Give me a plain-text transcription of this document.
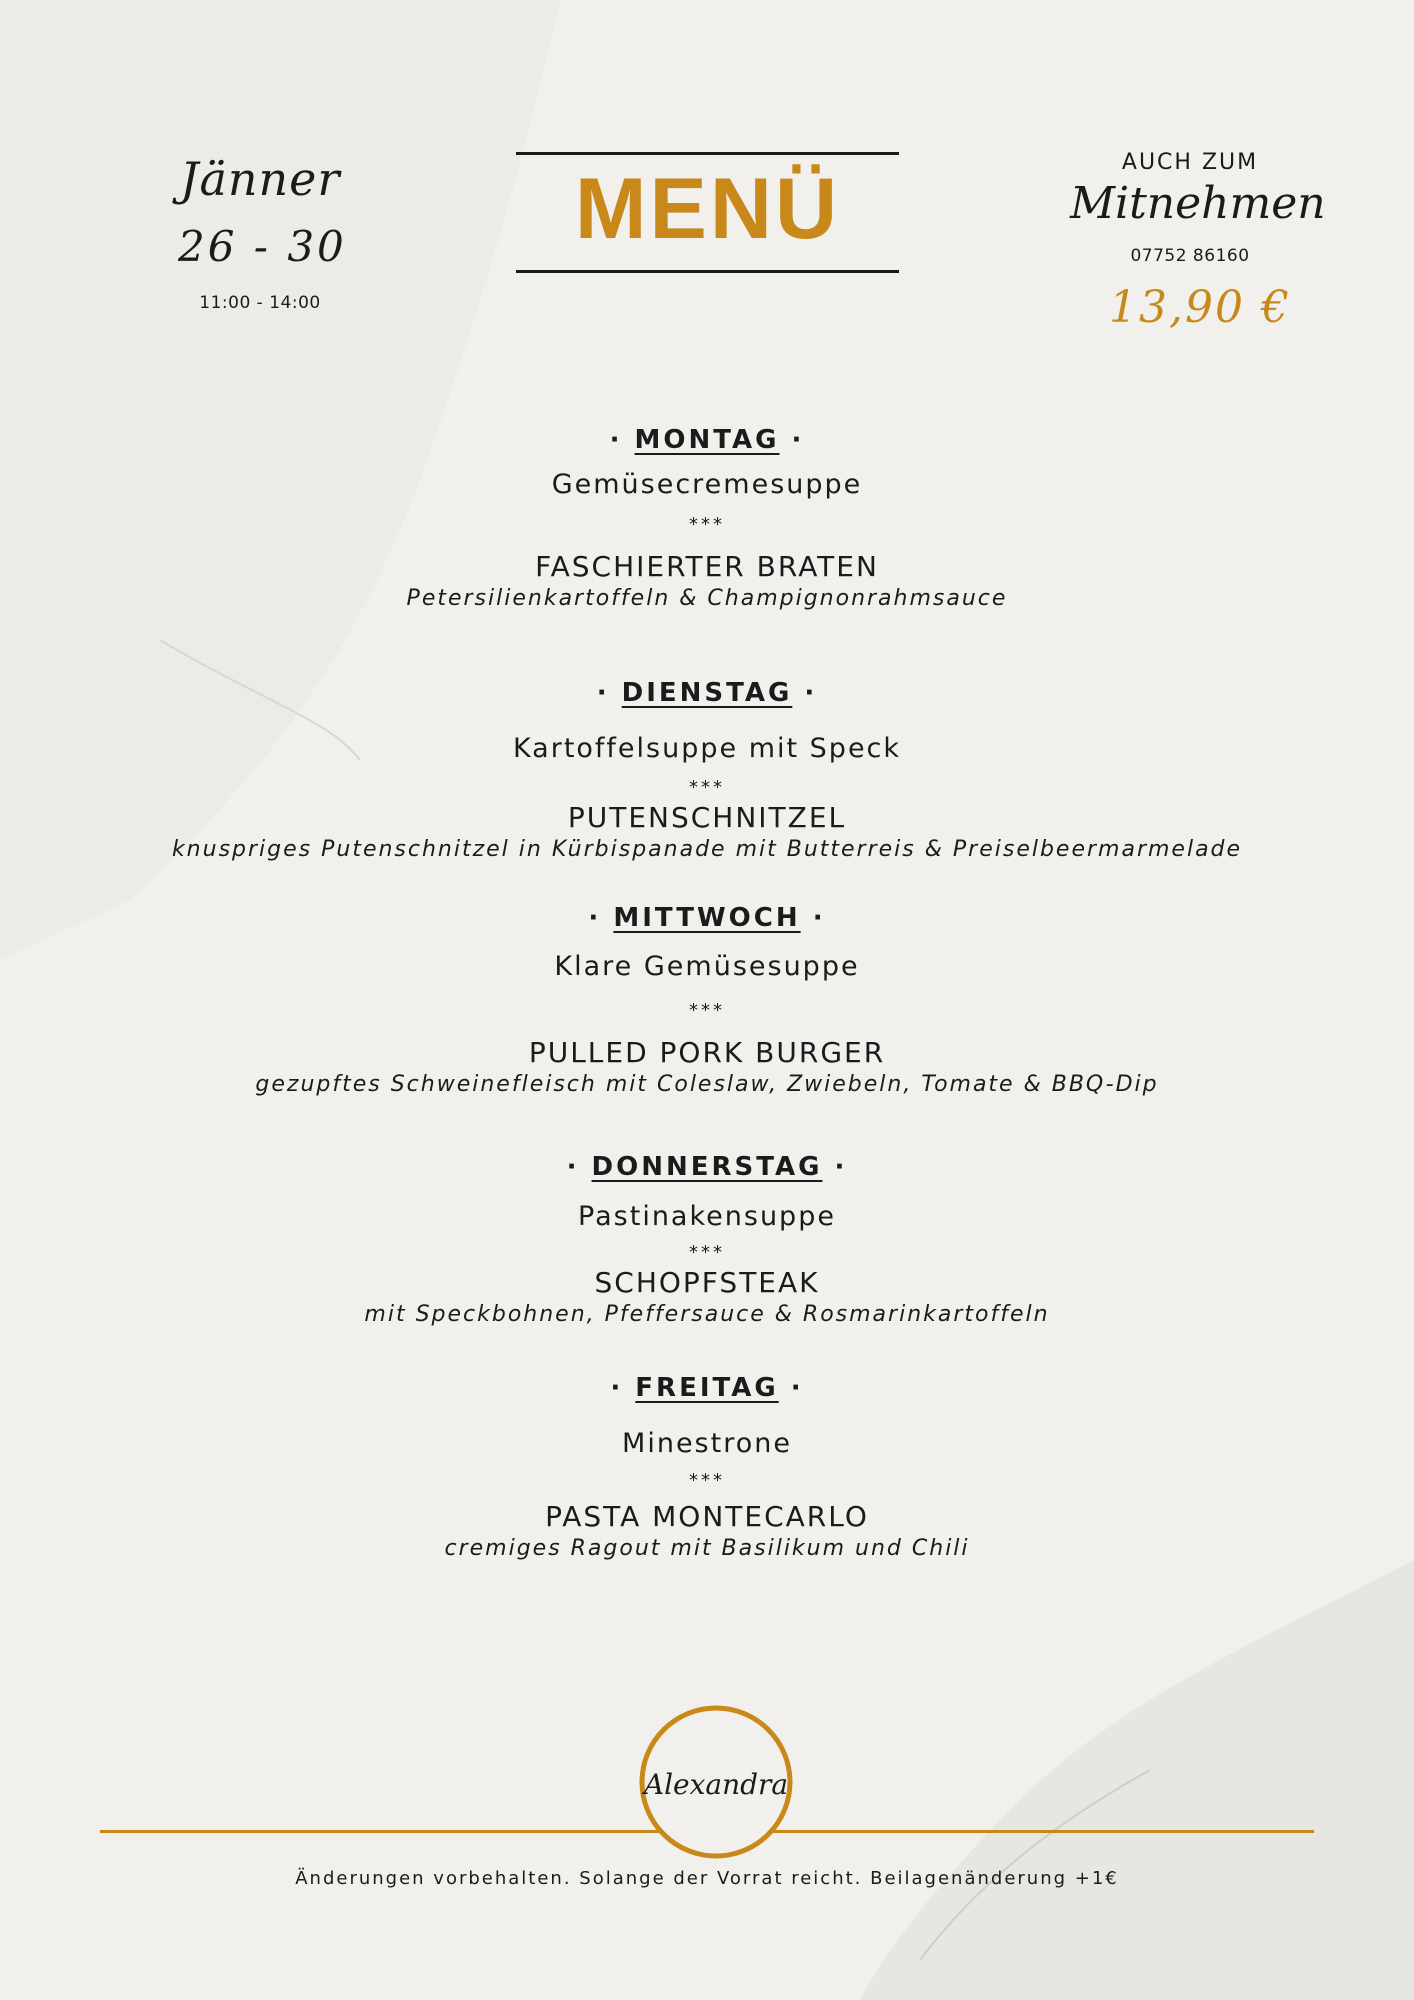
Jänner
26 - 30
11:00 - 14:00
MENÜ	AUCH ZUM
Mitnehmen
07752 86160
13,90 €
· MONTAG ·
Gemüsecremesuppe
***
FASCHIERTER BRATEN
Petersilienkartoffeln & Champignonrahmsauce
· DIENSTAG ·
Kartoffelsuppe mit Speck
***
PUTENSCHNITZEL
knuspriges Putenschnitzel in Kürbispanade mit Butterreis & Preiselbeermarmelade
· MITTWOCH ·
Klare Gemüsesuppe
***
PULLED PORK BURGER
gezupftes Schweinefleisch mit Coleslaw, Zwiebeln, Tomate & BBQ-Dip
· DONNERSTAG ·
Pastinakensuppe
***
SCHOPFSTEAK
mit Speckbohnen, Pfeffersauce & Rosmarinkartoffeln
· FREITAG ·
Minestrone
***
PASTA MONTECARLO
cremiges Ragout mit Basilikum und Chili
Alexandra
Änderungen vorbehalten. Solange der Vorrat reicht. Beilagenänderung +1€
